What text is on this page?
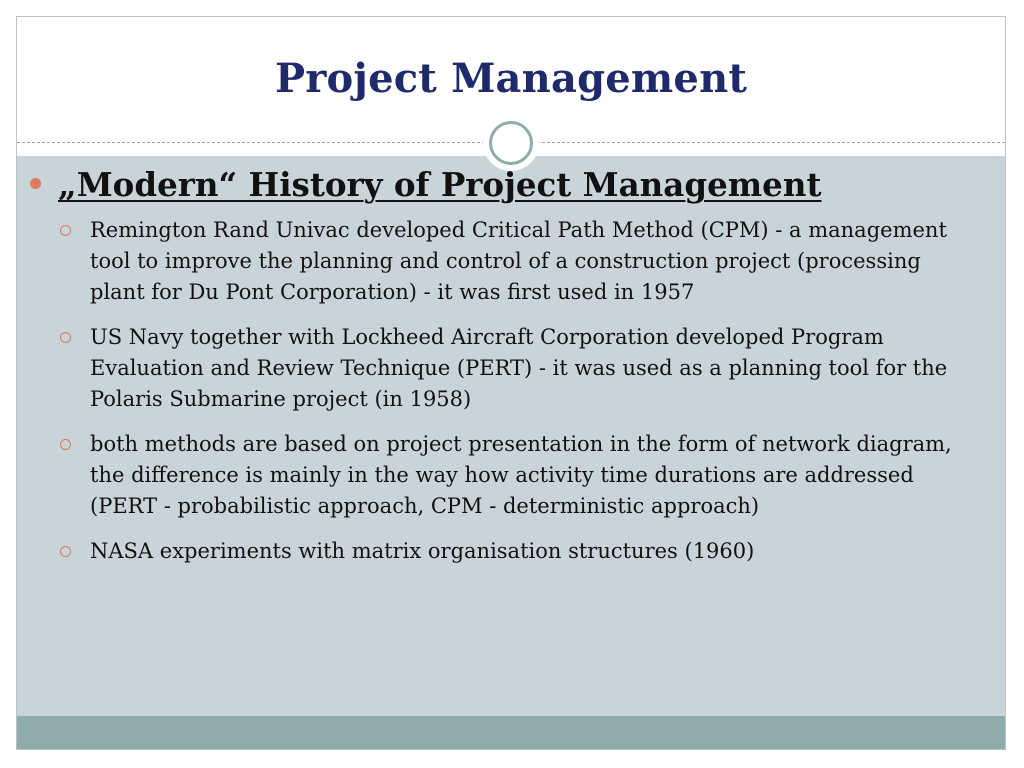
Project Management
„Modern“ History of Project Management
Remington Rand Univac developed Critical Path Method (CPM) - a management tool to improve the planning and control of a construction project (processing plant for Du Pont Corporation) - it was first used in 1957
US Navy together with Lockheed Aircraft Corporation developed Program Evaluation and Review Technique (PERT) - it was used as a planning tool for the Polaris Submarine project (in 1958)
both methods are based on project presentation in the form of network diagram, the difference is mainly in the way how activity time durations are addressed (PERT - probabilistic approach, CPM - deterministic approach)
NASA experiments with matrix organisation structures (1960)
